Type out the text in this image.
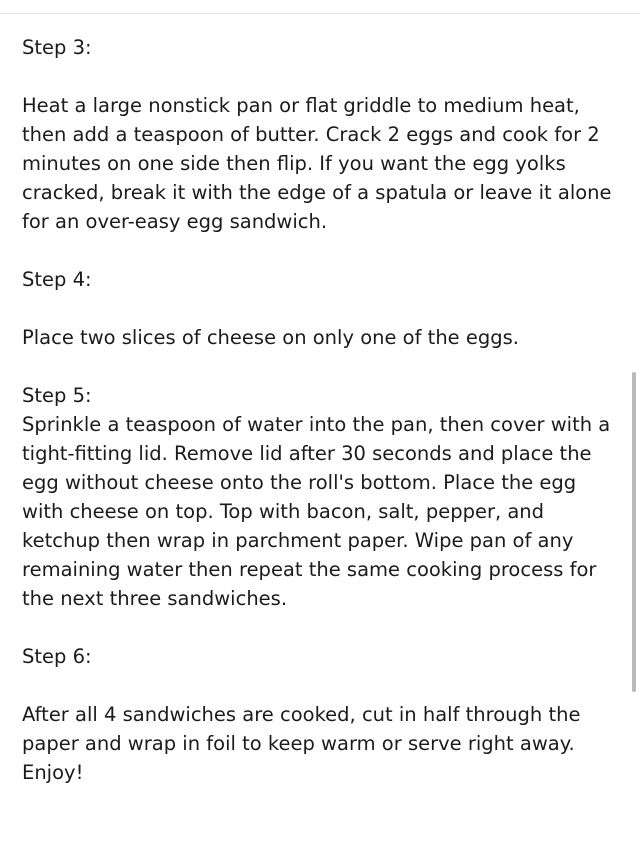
Step 3:

Heat a large nonstick pan or flat griddle to medium heat, then add a teaspoon of butter. Crack 2 eggs and cook for 2 minutes on one side then flip. If you want the egg yolks cracked, break it with the edge of a spatula or leave it alone for an over-easy egg sandwich.

Step 4:

Place two slices of cheese on only one of the eggs.

Step 5:

Sprinkle a teaspoon of water into the pan, then cover with a tight-fitting lid. Remove lid after 30 seconds and place the egg without cheese onto the roll's bottom. Place the egg with cheese on top. Top with bacon, salt, pepper, and ketchup then wrap in parchment paper. Wipe pan of any remaining water then repeat the same cooking process for the next three sandwiches.

Step 6:

After all 4 sandwiches are cooked, cut in half through the paper and wrap in foil to keep warm or serve right away. Enjoy!
